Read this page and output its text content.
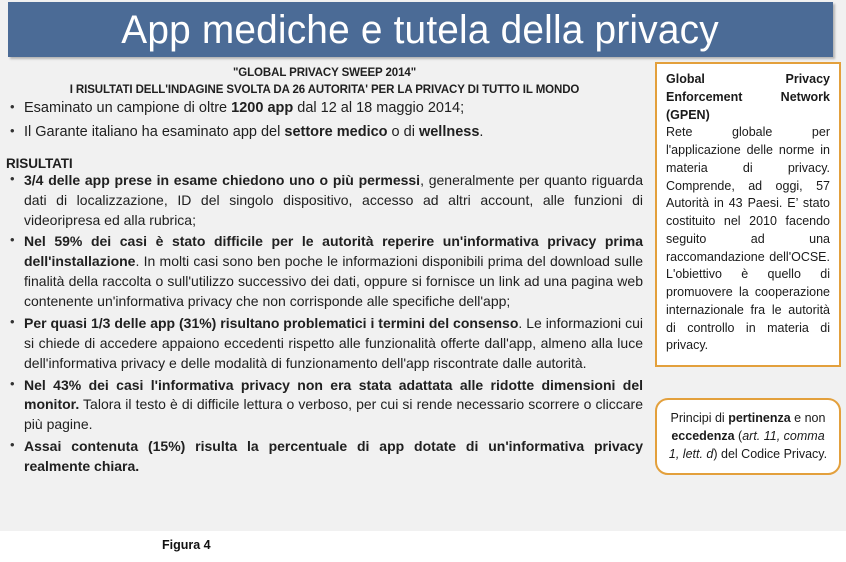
App mediche e tutela della privacy
"GLOBAL PRIVACY SWEEP 2014"
I RISULTATI DELL'INDAGINE SVOLTA DA 26 AUTORITA' PER LA PRIVACY DI TUTTO IL MONDO
• Esaminato un campione di oltre 1200 app dal 12 al 18 maggio 2014;
• Il Garante italiano ha esaminato app del settore medico o di wellness.
RISULTATI
• 3/4 delle app prese in esame chiedono uno o più permessi, generalmente per quanto riguarda dati di localizzazione, ID del singolo dispositivo, accesso ad altri account, alle funzioni di videoripresa ed alla rubrica;
• Nel 59% dei casi è stato difficile per le autorità reperire un'informativa privacy prima dell'installazione. In molti casi sono ben poche le informazioni disponibili prima del download sulle finalità della raccolta o sull'utilizzo successivo dei dati, oppure si fornisce un link ad una pagina web contenente un'informativa privacy che non corrisponde alle specifiche dell'app;
• Per quasi 1/3 delle app (31%) risultano problematici i termini del consenso. Le informazioni cui si chiede di accedere appaiono eccedenti rispetto alle funzionalità offerte dall'app, almeno alla luce dell'informativa privacy e delle modalità di funzionamento dell'app riscontrate dalle autorità.
• Nel 43% dei casi l'informativa privacy non era stata adattata alle ridotte dimensioni del monitor. Talora il testo è di difficile lettura o verboso, per cui si rende necessario scorrere o cliccare più pagine.
• Assai contenuta (15%) risulta la percentuale di app dotate di un'informativa privacy realmente chiara.
Global Privacy Enforcement Network (GPEN)
Rete globale per l'applicazione delle norme in materia di privacy. Comprende, ad oggi, 57 Autorità in 43 Paesi. E’ stato costituito nel 2010 facendo seguito ad una raccomandazione dell'OCSE. L'obiettivo è quello di promuovere la cooperazione internazionale fra le autorità di controllo in materia di privacy.
Principi di pertinenza e non eccedenza (art. 11, comma 1, lett. d) del Codice Privacy.
Figura 4
